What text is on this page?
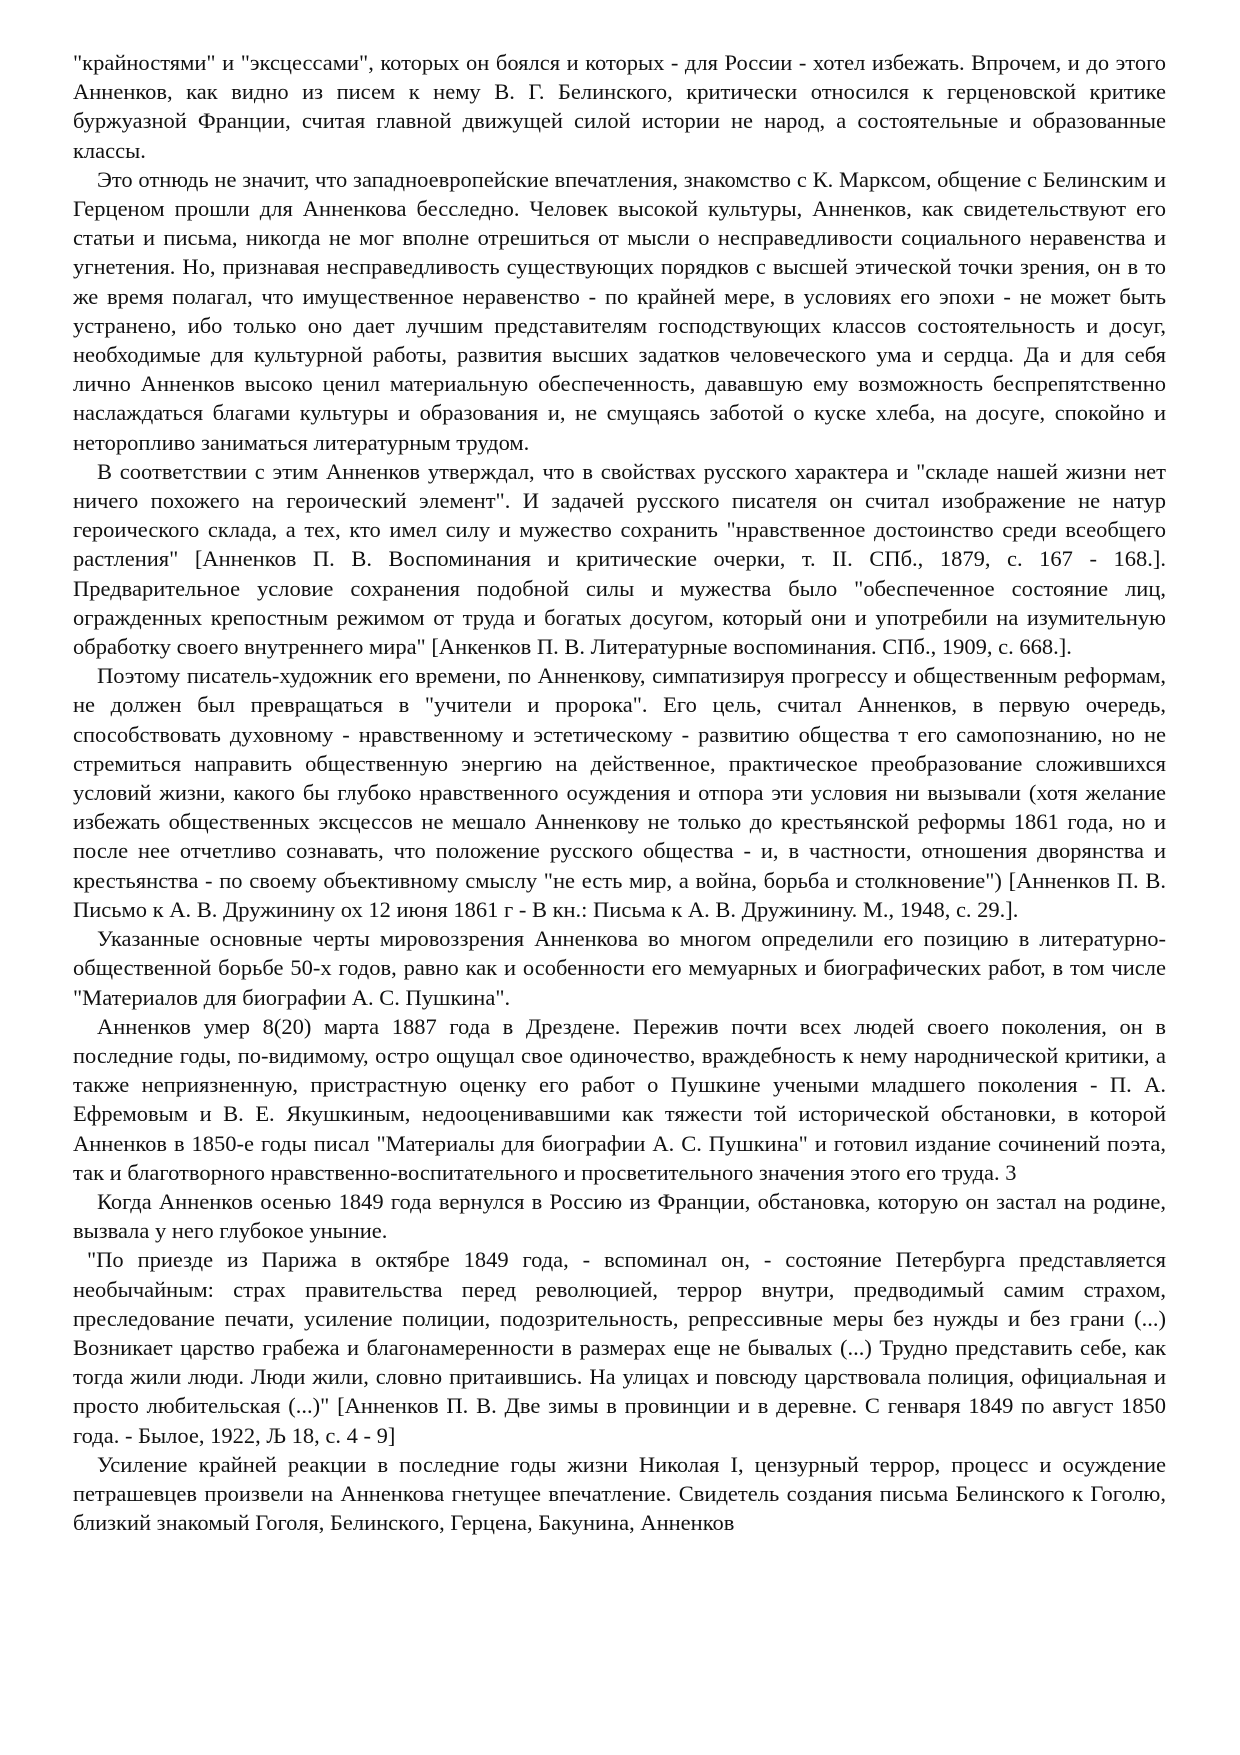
"крайностями" и "эксцессами", которых он боялся и которых - для России - хотел избежать. Впрочем, и до этого Анненков, как видно из писем к нему В. Г. Белинского, критически относился к герценовской критике буржуазной Франции, считая главной движущей силой истории не народ, а состоятельные и образованные классы.

Это отнюдь не значит, что западноевропейские впечатления, знакомство с К. Марксом, общение с Белинским и Герценом прошли для Анненкова бесследно. Человек высокой культуры, Анненков, как свидетельствуют его статьи и письма, никогда не мог вполне отрешиться от мысли о несправедливости социального неравенства и угнетения. Но, признавая несправедливость существующих порядков с высшей этической точки зрения, он в то же время полагал, что имущественное неравенство - по крайней мере, в условиях его эпохи - не может быть устранено, ибо только оно дает лучшим представителям господствующих классов состоятельность и досуг, необходимые для культурной работы, развития высших задатков человеческого ума и сердца. Да и для себя лично Анненков высоко ценил материальную обеспеченность, дававшую ему возможность беспрепятственно наслаждаться благами культуры и образования и, не смущаясь заботой о куске хлеба, на досуге, спокойно и неторопливо заниматься литературным трудом.

В соответствии с этим Анненков утверждал, что в свойствах русского характера и "складе нашей жизни нет ничего похожего на героический элемент". И задачей русского писателя он считал изображение не натур героического склада, а тех, кто имел силу и мужество сохранить "нравственное достоинство среди всеобщего растления" [Анненков П. В. Воспоминания и критические очерки, т. II. СПб., 1879, с. 167 - 168.]. Предварительное условие сохранения подобной силы и мужества было "обеспеченное состояние лиц, огражденных крепостным режимом от труда и богатых досугом, который они и употребили на изумительную обработку своего внутреннего мира" [Анкенков П. В. Литературные воспоминания. СПб., 1909, с. 668.].

Поэтому писатель-художник его времени, по Анненкову, симпатизируя прогрессу и общественным реформам, не должен был превращаться в "учители и пророка". Его цель, считал Анненков, в первую очередь, способствовать духовному - нравственному и эстетическому - развитию общества т его самопознанию, но не стремиться направить общественную энергию на действенное, практическое преобразование сложившихся условий жизни, какого бы глубоко нравственного осуждения и отпора эти условия ни вызывали (хотя желание избежать общественных эксцессов не мешало Анненкову не только до крестьянской реформы 1861 года, но и после нее отчетливо сознавать, что положение русского общества - и, в частности, отношения дворянства и крестьянства - по своему объективному смыслу "не есть мир, а война, борьба и столкновение") [Анненков П. В. Письмо к А. В. Дружинину ох 12 июня 1861 г - В кн.: Письма к А. В. Дружинину. М., 1948, с. 29.].

Указанные основные черты мировоззрения Анненкова во многом определили его позицию в литературно-общественной борьбе 50-х годов, равно как и особенности его мемуарных и биографических работ, в том числе "Материалов для биографии А. С. Пушкина".

Анненков умер 8(20) марта 1887 года в Дрездене. Пережив почти всех людей своего поколения, он в последние годы, по-видимому, остро ощущал свое одиночество, враждебность к нему народнической критики, а также неприязненную, пристрастную оценку его работ о Пушкине учеными младшего поколения - П. А. Ефремовым и В. Е. Якушкиным, недооценивавшими как тяжести той исторической обстановки, в которой Анненков в 1850-е годы писал "Материалы для биографии А. С. Пушкина" и готовил издание сочинений поэта, так и благотворного нравственно-воспитательного и просветительного значения этого его труда. 3

Когда Анненков осенью 1849 года вернулся в Россию из Франции, обстановка, которую он застал на родине, вызвала у него глубокое уныние.

"По приезде из Парижа в октябре 1849 года, - вспоминал он, - состояние Петербурга представляется необычайным: страх правительства перед революцией, террор внутри, предводимый самим страхом, преследование печати, усиление полиции, подозрительность, репрессивные меры без нужды и без грани (...) Возникает царство грабежа и благонамеренности в размерах еще не бывалых (...) Трудно представить себе, как тогда жили люди. Люди жили, словно притаившись. На улицах и повсюду царствовала полиция, официальная и просто любительская (...)" [Анненков П. В. Две зимы в провинции и в деревне. С генваря 1849 по август 1850 года. - Былое, 1922, Љ 18, с. 4 - 9]

Усиление крайней реакции в последние годы жизни Николая I, цензурный террор, процесс и осуждение петрашевцев произвели на Анненкова гнетущее впечатление. Свидетель создания письма Белинского к Гоголю, близкий знакомый Гоголя, Белинского, Герцена, Бакунина, Анненков
